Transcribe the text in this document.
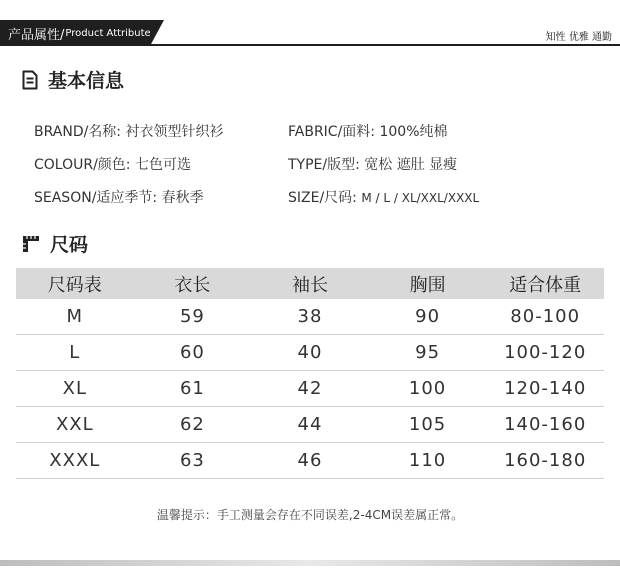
产品属性/ Product Attributes	知性 优雅 通勤
基本信息
BRAND/名称: 衬衣领型针织衫	FABRIC/面料: 100%纯棉
COLOUR/颜色: 七色可选	TYPE/版型: 宽松 遮肚 显瘦
SEASON/适应季节: 春秋季	SIZE/尺码: M / L / XL/XXL/XXXL
尺码
尺码表	衣长	袖长	胸围	适合体重
M	59	38	90	80-100
L	60	40	95	100-120
XL	61	42	100	120-140
XXL	62	44	105	140-160
XXXL	63	46	110	160-180
温馨提示：手工测量会存在不同误差,2-4CM误差属正常。
